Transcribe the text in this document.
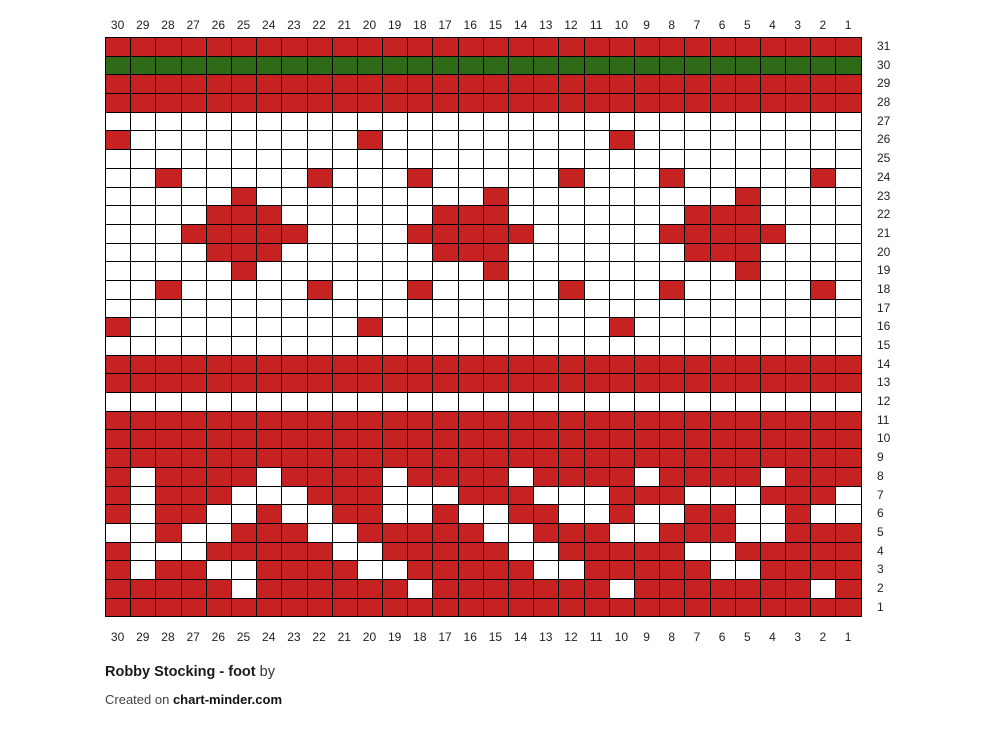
30 29 28 27 26 25 24 23 22 21 20 19 18 17 16 15 14 13 12	11	10	9	8	7	6	5	4	3	2	1

31
30
29
28
27
26
25
24
23
22
21
20
19
18
17
16
15
14
13
12
11
10
9
8
7
6
5
4
3
2
1
30 29 28 27 26 25 24 23 22 21 20 19 18 17 16 15 14 13 12	11	10	9	8	7	6	5	4	3	2	1
Robby Stocking - foot by
Created on chart-minder.com
